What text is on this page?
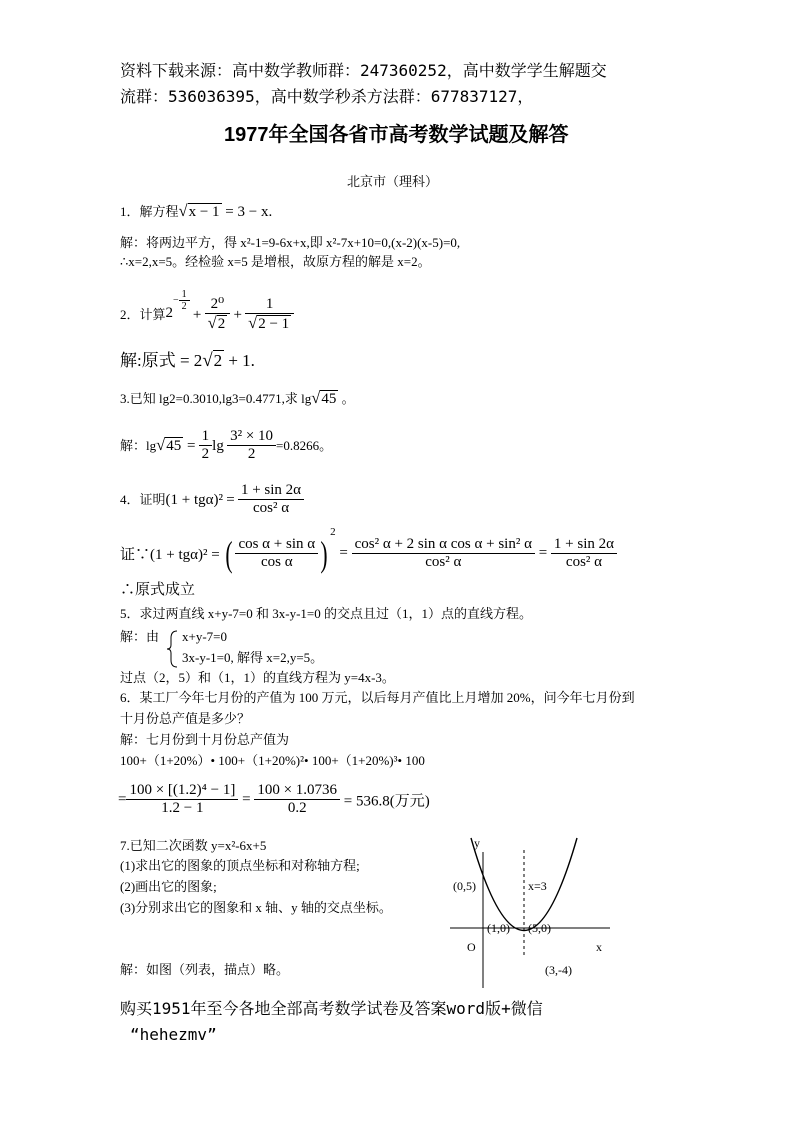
资料下载来源：高中数学教师群：247360252，高中数学学生解题交
流群：536036395，高中数学秒杀方法群：677837127，
1977年全国各省市高考数学试题及解答
北京市（理科）
1．解方程√x − 1 = 3 − x.
解：将两边平方，得 x²-1=9-6x+x,即 x²-7x+10=0,(x-2)(x-5)=0,
∴x=2,x=5。经检验 x=5 是增根，故原方程的解是 x=2。
2．计算$2^{- \frac{1}{2}}$
+ $\frac{\text{2⁰}}{√2} + \frac{1}{√2 - 1}$
解:原式 = 2√2 + 1.
3.已知 lg2=0.3010,lg3=0.4771,求 lg√45 。
解：$\lg√45 = \frac{1}{2}$ $\lg \frac{\text{3² × 10}}{2} =0.8266$。
4．证明$(1 + tg\alpha)^2 = \frac{1 + \sin 2\alpha}{\text{cos² α}}$
证∵(1 + tgα)² = ( $\frac{\text{cos α + sin α}}{\text{cos α}} )^2 = \frac{\text{cos² α + 2 sin α cos α + sin² α}}{\text{cos² α}} = \frac{1 + \sin 2\alpha}{\text{cos² α}}$
∴原式成立
5．求过两直线 x+y-7=0 和 3x-y-1=0 的交点且过（1，1）点的直线方程。
解：由 x+y-7=0
3x-y-1=0, 解得 x=2,y=5。
过点（2，5）和（1，1）的直线方程为 y=4x-3。
6．某工厂今年七月份的产值为 100 万元，以后每月产值比上月增加 20%，问今年七月份到
十月份总产值是多少？
解：七月份到十月份总产值为
100+（1+20%）• 100+（1+20%)²• 100+（1+20%)³• 100
= $\frac{\text{100 × [(1.2)⁴ − 1]}}{1.2 - 1} = \frac{100 \times 1.0736}{0.2} = 536.8$(万元)
7.已知二次函数 y=x²-6x+5
(1)求出它的图象的顶点坐标和对称轴方程;
(2)画出它的图象;
(3)分别求出它的图象和 x 轴、y 轴的交点坐标。
解：如图（列表，描点）略。
y
x
O
(0,5)	x=3
(1,0) (5,0)
(3,-4)
购买1951年至今各地全部高考数学试卷及答案word版+微信
“hehezmv”
